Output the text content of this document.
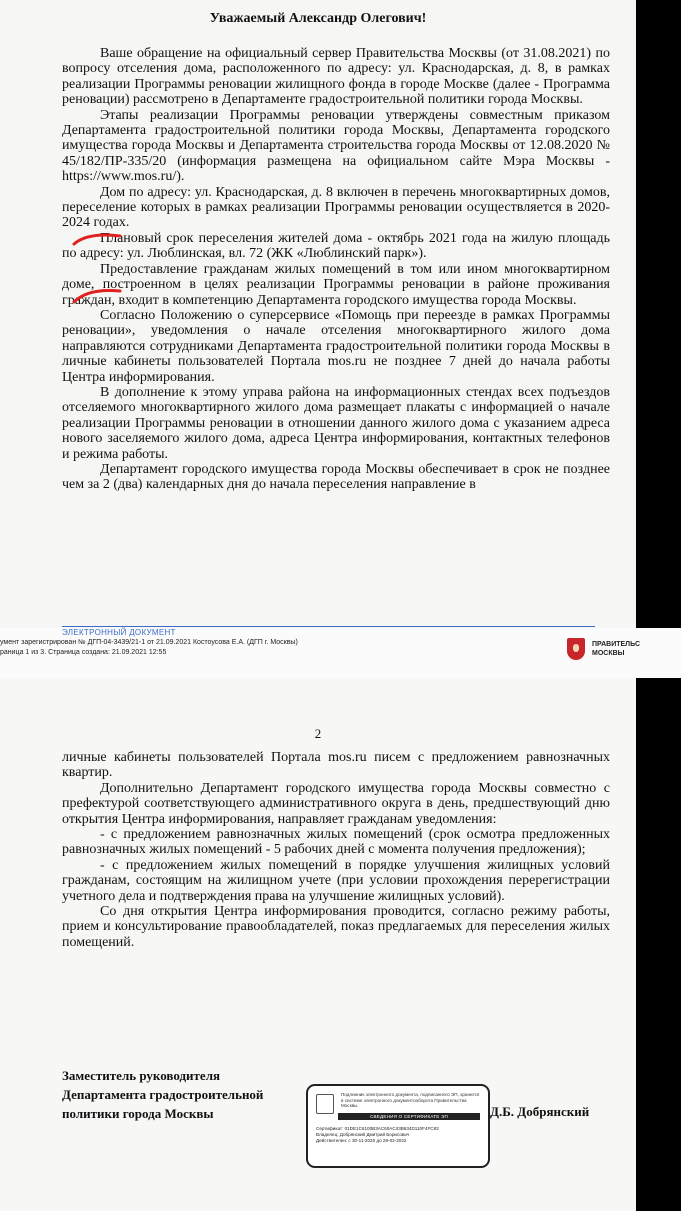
Уважаемый Александр Олегович!

Ваше обращение на официальный сервер Правительства Москвы (от 31.08.2021) по вопросу отселения дома, расположенного по адресу: ул. Краснодарская, д. 8, в рамках реализации Программы реновации жилищного фонда в городе Москве (далее - Программа реновации) рассмотрено в Департаменте градостроительной политики города Москвы.

Этапы реализации Программы реновации утверждены совместным приказом Департамента градостроительной политики города Москвы, Департамента городского имущества города Москвы и Департамента строительства города Москвы от 12.08.2020 № 45/182/ПР-335/20 (информация размещена на официальном сайте Мэра Москвы - https://www.mos.ru/).

Дом по адресу: ул. Краснодарская, д. 8 включен в перечень многоквартирных домов, переселение которых в рамках реализации Программы реновации осуществляется в 2020-2024 годах.

Плановый срок переселения жителей дома - октябрь 2021 года на жилую площадь по адресу: ул. Люблинская, вл. 72 (ЖК «Люблинский парк»).

Предоставление гражданам жилых помещений в том или ином многоквартирном доме, построенном в целях реализации Программы реновации в районе проживания граждан, входит в компетенцию Департамента городского имущества города Москвы.

Согласно Положению о суперсервисе «Помощь при переезде в рамках Программы реновации», уведомления о начале отселения многоквартирного жилого дома направляются сотрудниками Департамента градостроительной политики города Москвы в личные кабинеты пользователей Портала mos.ru не позднее 7 дней до начала работы Центра информирования.

В дополнение к этому управа района на информационных стендах всех подъездов отселяемого многоквартирного жилого дома размещает плакаты с информацией о начале реализации Программы реновации в отношении данного жилого дома с указанием адреса нового заселяемого жилого дома, адреса Центра информирования, контактных телефонов и режима работы.

Департамент городского имущества города Москвы обеспечивает в срок не позднее чем за 2 (два) календарных дня до начала переселения направление в

ЭЛЕКТРОННЫЙ ДОКУМЕНТ
умент зарегистрирован № ДГП-04-3439/21-1 от 21.09.2021 Костоусова Е.А. (ДГП г. Москвы)
раница 1 из 3. Страница создана: 21.09.2021 12:55
ПРАВИТЕЛЬС
МОСКВЫ
2

личные кабинеты пользователей Портала mos.ru писем с предложением равнозначных квартир.

Дополнительно Департамент городского имущества города Москвы совместно с префектурой соответствующего административного округа в день, предшествующий дню открытия Центра информирования, направляет гражданам уведомления:

- с предложением равнозначных жилых помещений (срок осмотра предложенных равнозначных жилых помещений - 5 рабочих дней с момента получения предложения);

- с предложением жилых помещений в порядке улучшения жилищных условий гражданам, состоящим на жилищном учете (при условии прохождения перерегистрации учетного дела и подтверждения права на улучшение жилищных условий).

Со дня открытия Центра информирования проводится, согласно режиму работы, прием и консультирование правообладателей, показ предлагаемых для переселения жилых помещений.

Заместитель руководителя
Департамента градостроительной
политики города Москвы
Подлинник электронного документа, подписанного ЭП, хранится в системе электронного документооборота Правительства Москвы
СВЕДЕНИЯ О СЕРТИФИКАТЕ ЭП
Сертификат: 01DE1C6100B3AC60AC43B634D110F4FC83
Владелец: Добрянский Дмитрий Борисович
Действителен: с 30-11-2020 до 28-02-2022
Д.Б. Добрянский
